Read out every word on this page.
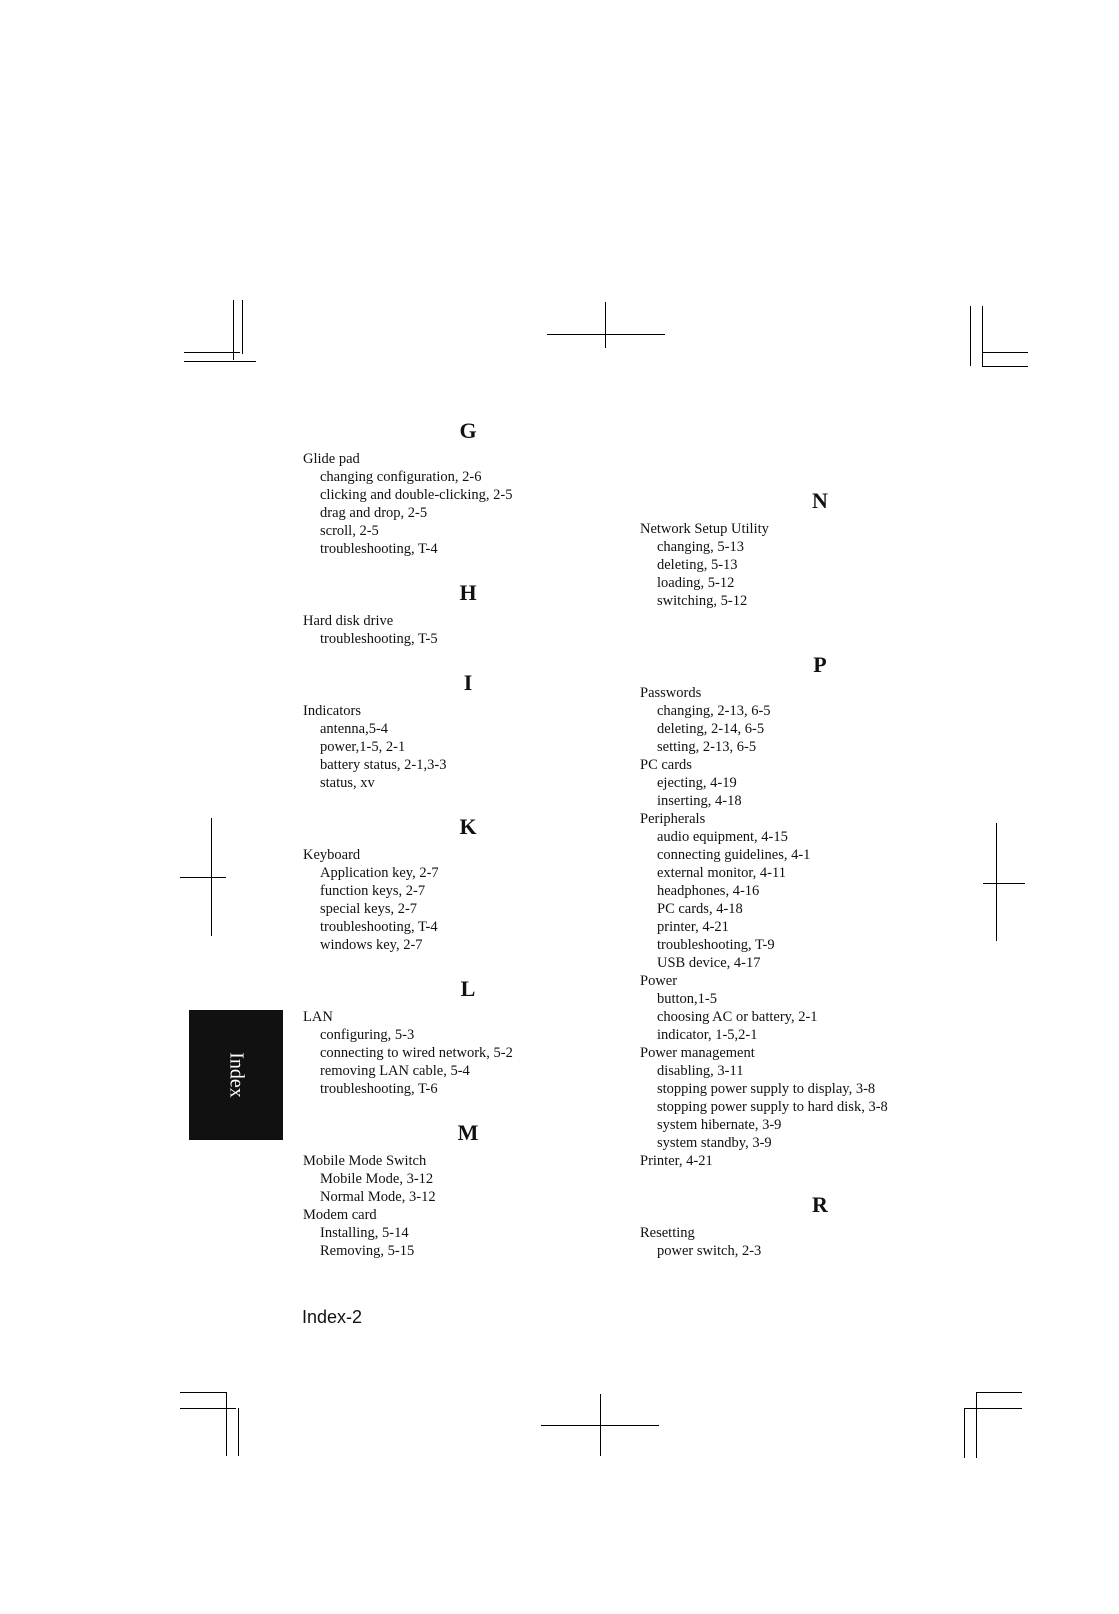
G
Glide pad
changing configuration, 2-6
clicking and double-clicking, 2-5
drag and drop, 2-5
scroll, 2-5
troubleshooting, T-4
H
Hard disk drive
troubleshooting, T-5
I
Indicators
antenna,5-4
power,1-5, 2-1
battery status, 2-1,3-3
status, xv
K
Keyboard
Application key, 2-7
function keys, 2-7
special keys, 2-7
troubleshooting, T-4
windows key, 2-7
L
LAN
configuring, 5-3
connecting to wired network, 5-2
removing LAN cable, 5-4
troubleshooting, T-6
M
Mobile Mode Switch
Mobile Mode, 3-12
Normal Mode, 3-12
Modem card
Installing, 5-14
Removing, 5-15
N
Network Setup Utility
changing, 5-13
deleting, 5-13
loading, 5-12
switching, 5-12
P
Passwords
changing, 2-13, 6-5
deleting, 2-14, 6-5
setting, 2-13, 6-5
PC cards
ejecting, 4-19
inserting, 4-18
Peripherals
audio equipment, 4-15
connecting guidelines, 4-1
external monitor, 4-11
headphones, 4-16
PC cards, 4-18
printer, 4-21
troubleshooting, T-9
USB device, 4-17
Power
button,1-5
choosing AC or battery, 2-1
indicator, 1-5,2-1
Power management
disabling, 3-11
stopping power supply to display, 3-8
stopping power supply to hard disk, 3-8
system hibernate, 3-9
system standby, 3-9
Printer, 4-21
R
Resetting
power switch, 2-3
Index
Index-2
